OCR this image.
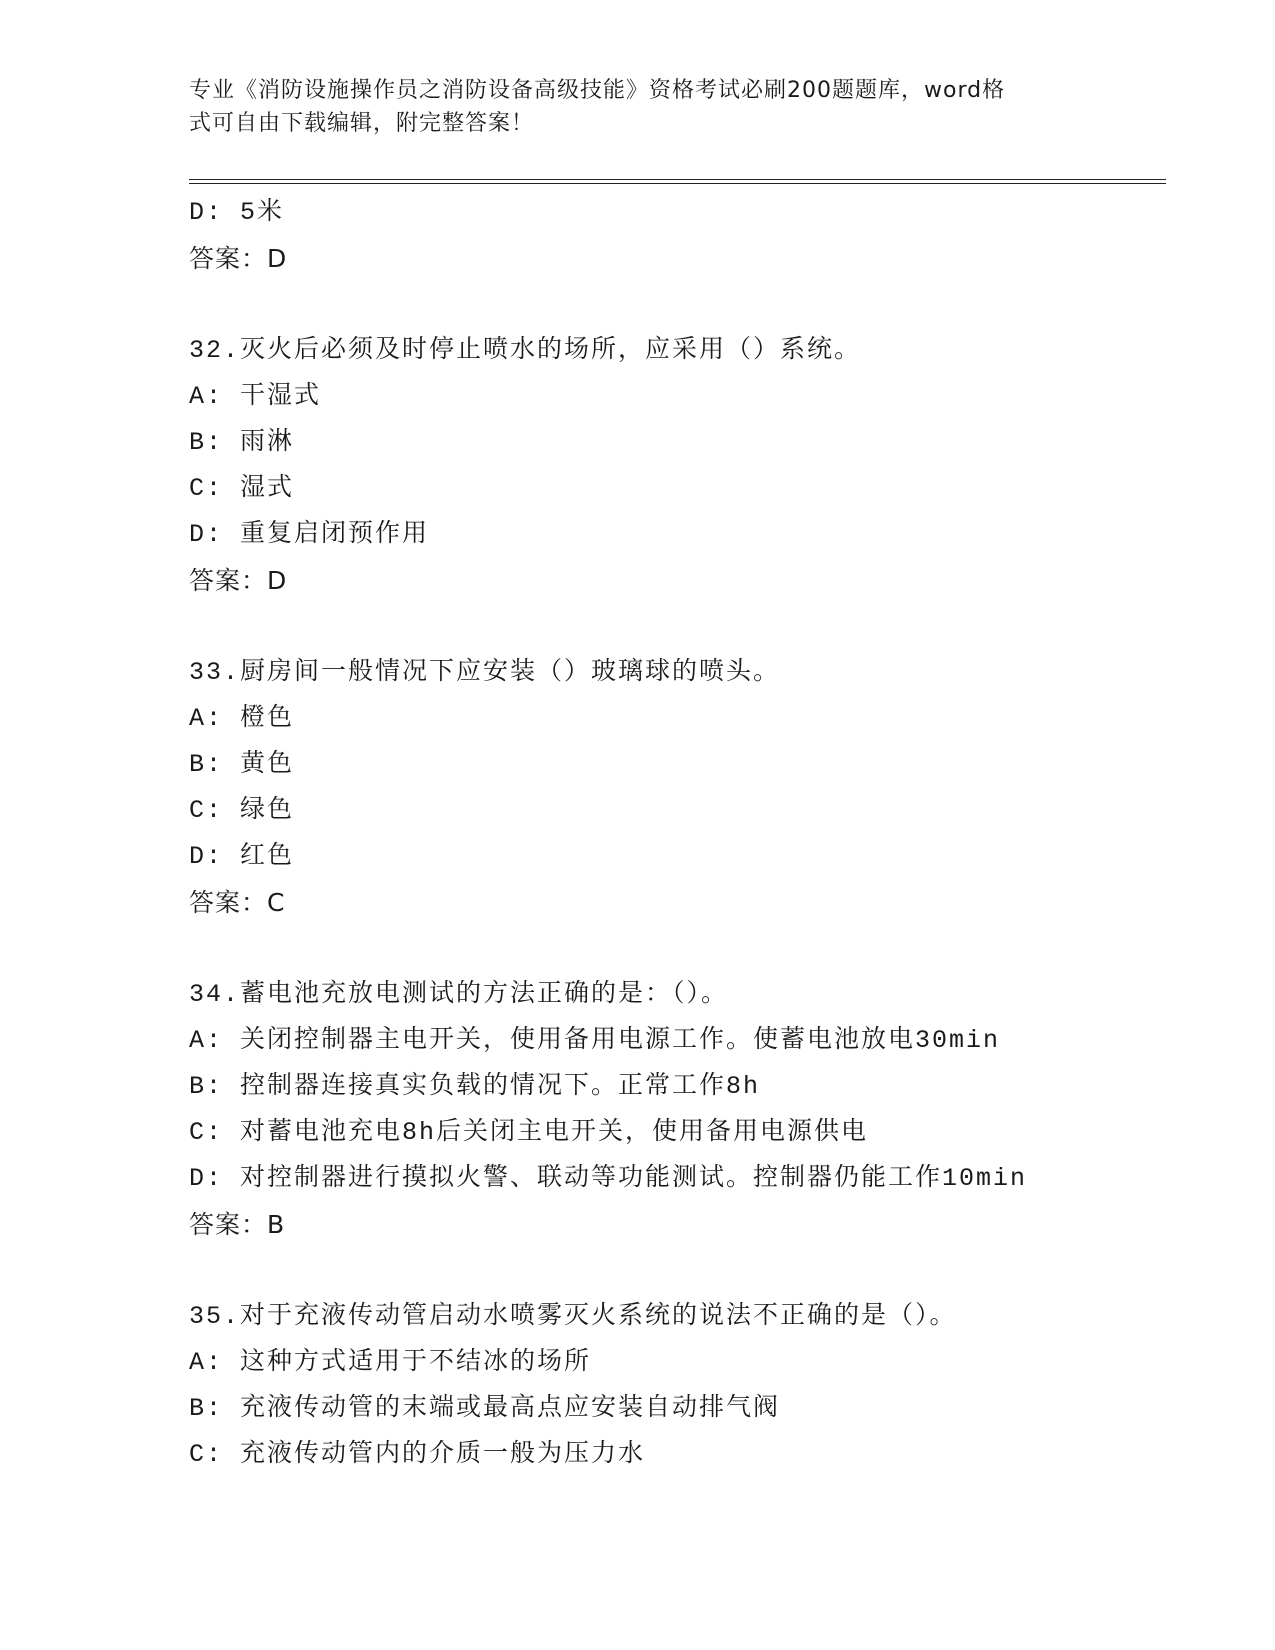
专业《消防设施操作员之消防设备高级技能》资格考试必刷200题题库，word格
式可自由下载编辑，附完整答案！
D: 5米
答案：D
32.灭火后必须及时停止喷水的场所，应采用（）系统。
A: 干湿式
B: 雨淋
C: 湿式
D: 重复启闭预作用
答案：D
33.厨房间一般情况下应安装（）玻璃球的喷头。
A: 橙色
B: 黄色
C: 绿色
D: 红色
答案：C
34.蓄电池充放电测试的方法正确的是：（）。
A: 关闭控制器主电开关，使用备用电源工作。使蓄电池放电30min
B: 控制器连接真实负载的情况下。正常工作8h
C: 对蓄电池充电8h后关闭主电开关，使用备用电源供电
D: 对控制器进行摸拟火警、联动等功能测试。控制器仍能工作10min
答案：B
35.对于充液传动管启动水喷雾灭火系统的说法不正确的是（）。
A: 这种方式适用于不结冰的场所
B: 充液传动管的末端或最高点应安装自动排气阀
C: 充液传动管内的介质一般为压力水
